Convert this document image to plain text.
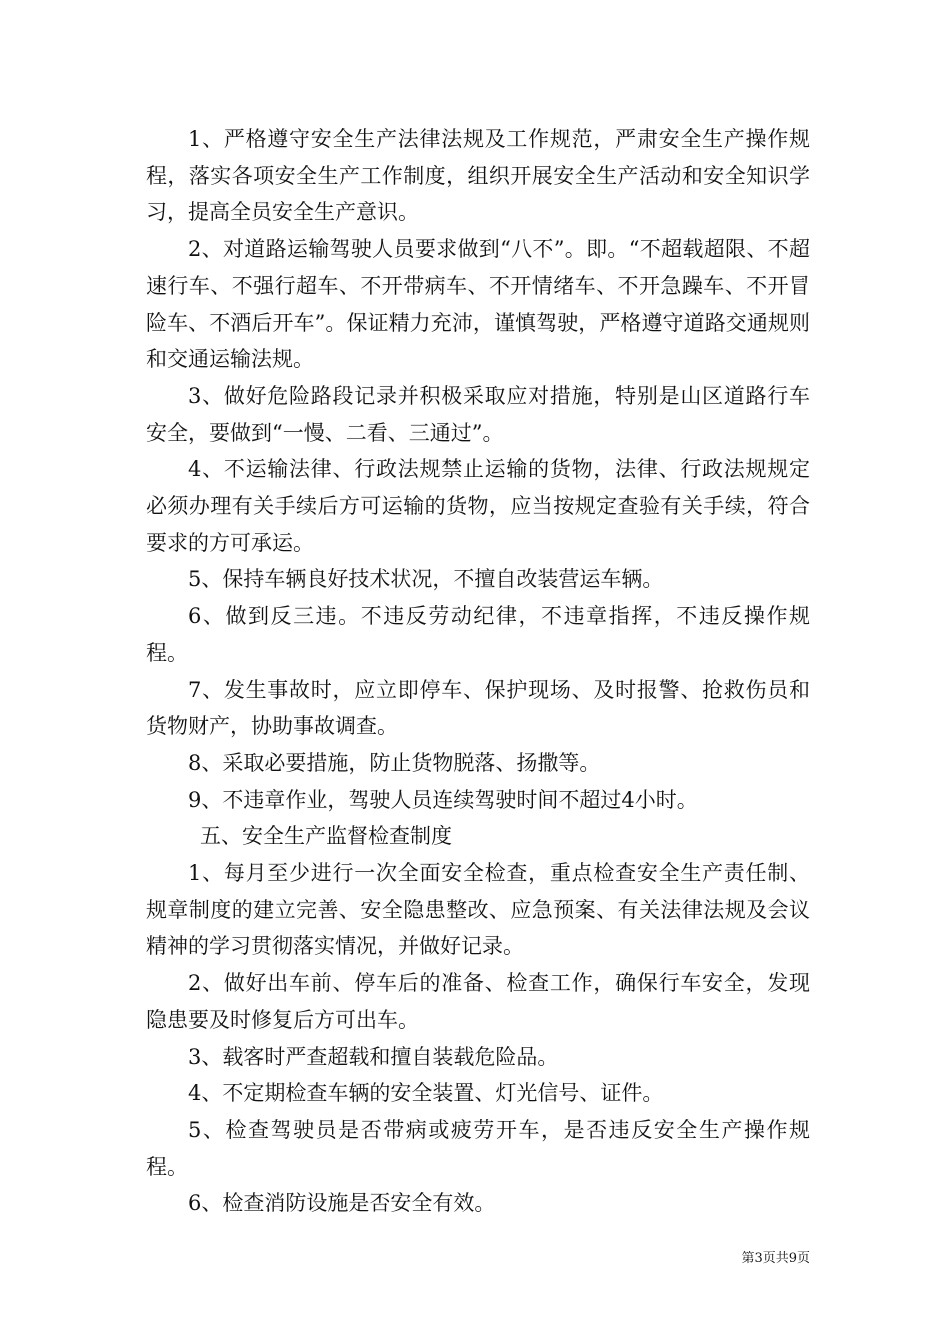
1、严格遵守安全生产法律法规及工作规范，严肃安全生产操作规程，落实各项安全生产工作制度，组织开展安全生产活动和安全知识学习，提高全员安全生产意识。

2、对道路运输驾驶人员要求做到“八不”。即。“不超载超限、不超速行车、不强行超车、不开带病车、不开情绪车、不开急躁车、不开冒险车、不酒后开车”。保证精力充沛，谨慎驾驶，严格遵守道路交通规则和交通运输法规。

3、做好危险路段记录并积极采取应对措施，特别是山区道路行车安全，要做到“一慢、二看、三通过”。

4、不运输法律、行政法规禁止运输的货物，法律、行政法规规定必须办理有关手续后方可运输的货物，应当按规定查验有关手续，符合要求的方可承运。

5、保持车辆良好技术状况，不擅自改装营运车辆。

6、做到反三违。不违反劳动纪律，不违章指挥，不违反操作规程。

7、发生事故时，应立即停车、保护现场、及时报警、抢救伤员和货物财产，协助事故调查。

8、采取必要措施，防止货物脱落、扬撒等。

9、不违章作业，驾驶人员连续驾驶时间不超过4小时。

五、安全生产监督检查制度

1、每月至少进行一次全面安全检查，重点检查安全生产责任制、规章制度的建立完善、安全隐患整改、应急预案、有关法律法规及会议精神的学习贯彻落实情况，并做好记录。

2、做好出车前、停车后的准备、检查工作，确保行车安全，发现隐患要及时修复后方可出车。

3、载客时严查超载和擅自装载危险品。

4、不定期检查车辆的安全装置、灯光信号、证件。

5、检查驾驶员是否带病或疲劳开车，是否违反安全生产操作规程。

6、检查消防设施是否安全有效。

第3页共9页
